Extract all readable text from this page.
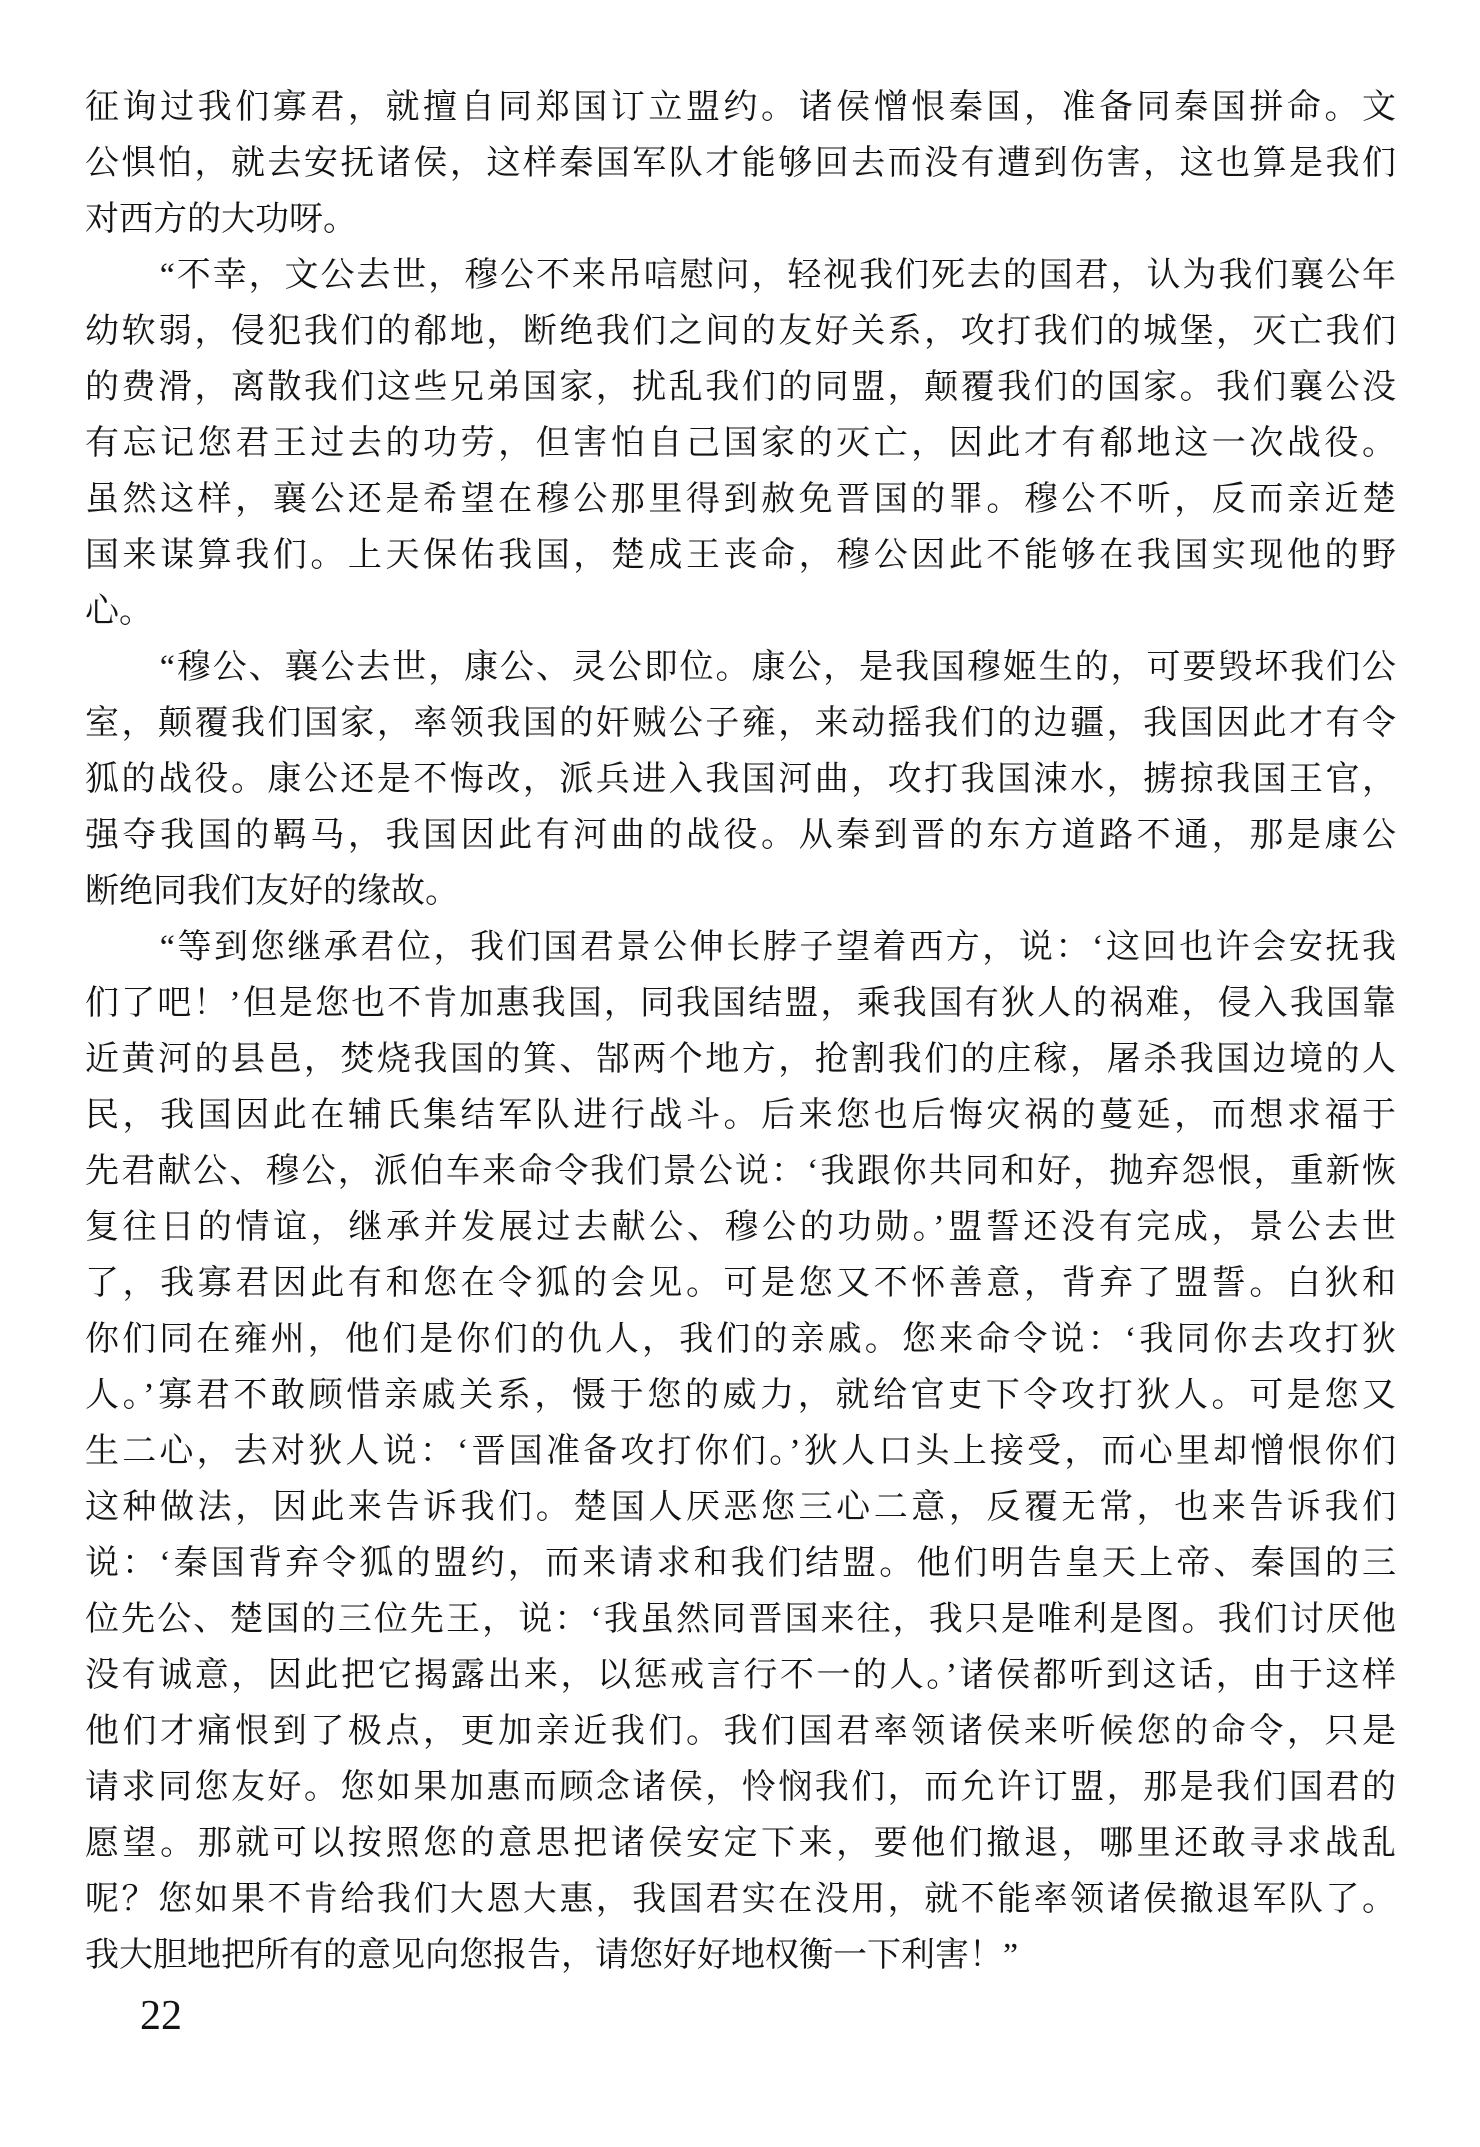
征询过我们寡君，就擅自同郑国订立盟约。诸侯憎恨秦国，准备同秦国拼命。文
公惧怕，就去安抚诸侯，这样秦国军队才能够回去而没有遭到伤害，这也算是我们
对西方的大功呀。
“不幸，文公去世，穆公不来吊唁慰问，轻视我们死去的国君，认为我们襄公年
幼软弱，侵犯我们的郩地，断绝我们之间的友好关系，攻打我们的城堡，灭亡我们
的费滑，离散我们这些兄弟国家，扰乱我们的同盟，颠覆我们的国家。我们襄公没
有忘记您君王过去的功劳，但害怕自己国家的灭亡，因此才有郩地这一次战役。
虽然这样，襄公还是希望在穆公那里得到赦免晋国的罪。穆公不听，反而亲近楚
国来谋算我们。上天保佑我国，楚成王丧命，穆公因此不能够在我国实现他的野
心。
“穆公、襄公去世，康公、灵公即位。康公，是我国穆姬生的，可要毁坏我们公
室，颠覆我们国家，率领我国的奸贼公子雍，来动摇我们的边疆，我国因此才有令
狐的战役。康公还是不悔改，派兵进入我国河曲，攻打我国涑水，掳掠我国王官，
强夺我国的羁马，我国因此有河曲的战役。从秦到晋的东方道路不通，那是康公
断绝同我们友好的缘故。
“等到您继承君位，我们国君景公伸长脖子望着西方，说：‘这回也许会安抚我
们了吧！’但是您也不肯加惠我国，同我国结盟，乘我国有狄人的祸难，侵入我国靠
近黄河的县邑，焚烧我国的箕、郜两个地方，抢割我们的庄稼，屠杀我国边境的人
民，我国因此在辅氏集结军队进行战斗。后来您也后悔灾祸的蔓延，而想求福于
先君献公、穆公，派伯车来命令我们景公说：‘我跟你共同和好，抛弃怨恨，重新恢
复往日的情谊，继承并发展过去献公、穆公的功勋。’盟誓还没有完成，景公去世
了，我寡君因此有和您在令狐的会见。可是您又不怀善意，背弃了盟誓。白狄和
你们同在雍州，他们是你们的仇人，我们的亲戚。您来命令说：‘我同你去攻打狄
人。’寡君不敢顾惜亲戚关系，慑于您的威力，就给官吏下令攻打狄人。可是您又
生二心，去对狄人说：‘晋国准备攻打你们。’狄人口头上接受，而心里却憎恨你们
这种做法，因此来告诉我们。楚国人厌恶您三心二意，反覆无常，也来告诉我们
说：‘秦国背弃令狐的盟约，而来请求和我们结盟。他们明告皇天上帝、秦国的三
位先公、楚国的三位先王，说：‘我虽然同晋国来往，我只是唯利是图。我们讨厌他
没有诚意，因此把它揭露出来，以惩戒言行不一的人。’诸侯都听到这话，由于这样
他们才痛恨到了极点，更加亲近我们。我们国君率领诸侯来听候您的命令，只是
请求同您友好。您如果加惠而顾念诸侯，怜悯我们，而允许订盟，那是我们国君的
愿望。那就可以按照您的意思把诸侯安定下来，要他们撤退，哪里还敢寻求战乱
呢？您如果不肯给我们大恩大惠，我国君实在没用，就不能率领诸侯撤退军队了。
我大胆地把所有的意见向您报告，请您好好地权衡一下利害！”
22
